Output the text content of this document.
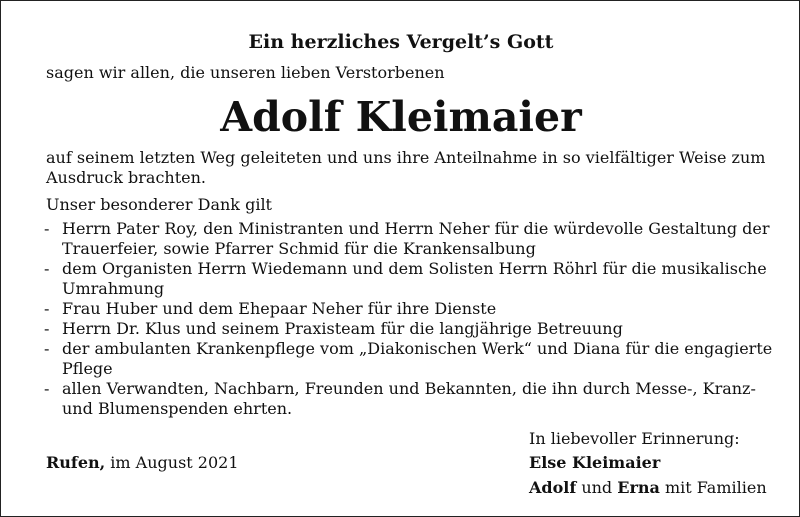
Ein herzliches Vergelt’s Gott

sagen wir allen, die unseren lieben Verstorbenen

Adolf Kleimaier

auf seinem letzten Weg geleiteten und uns ihre Anteilnahme in so vielfältiger Weise zum Ausdruck brachten.

Unser besonderer Dank gilt

- Herrn Pater Roy, den Ministranten und Herrn Neher für die würdevolle Gestaltung der Trauerfeier, sowie Pfarrer Schmid für die Krankensalbung
- dem Organisten Herrn Wiedemann und dem Solisten Herrn Röhrl für die musikalische Umrahmung
- Frau Huber und dem Ehepaar Neher für ihre Dienste
- Herrn Dr. Klus und seinem Praxisteam für die langjährige Betreuung
- der ambulanten Krankenpflege vom „Diakonischen Werk“ und Diana für die engagierte Pflege
- allen Verwandten, Nachbarn, Freunden und Bekannten, die ihn durch Messe-, Kranz- und Blumenspenden ehrten.

Rufen, im August 2021

In liebevoller Erinnerung:

Else Kleimaier

Adolf und Erna mit Familien
